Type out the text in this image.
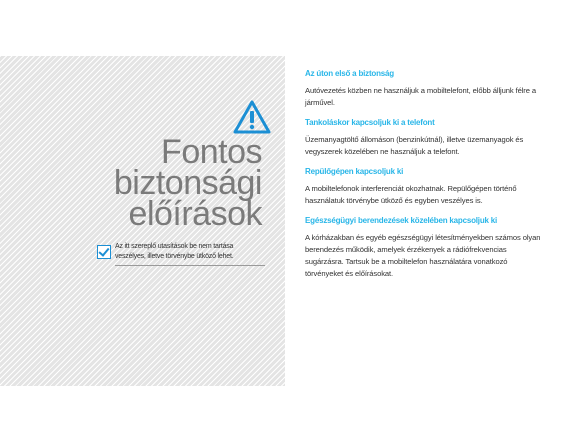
Fontos
biztonsági
előírások
Az itt szereplő utasítások be nem tartása veszélyes, illetve törvénybe ütköző lehet.

Az úton első a biztonság

Autóvezetés közben ne használjuk a mobiltelefont, előbb álljunk félre a járművel.

Tankoláskor kapcsoljuk ki a telefont

Üzemanyagtöltő állomáson (benzinkútnál), illetve üzemanyagok és vegyszerek közelében ne használjuk a telefont.

Repülőgépen kapcsoljuk ki

A mobiltelefonok interferenciát okozhatnak. Repülőgépen történő használatuk törvénybe ütköző és egyben veszélyes is.

Egészségügyi berendezések közelében kapcsoljuk ki

A kórházakban és egyéb egészségügyi létesítményekben számos olyan berendezés működik, amelyek érzékenyek a rádiófrekvencias sugárzásra. Tartsuk be a mobiltelefon használatára vonatkozó törvényeket és előírásokat.
